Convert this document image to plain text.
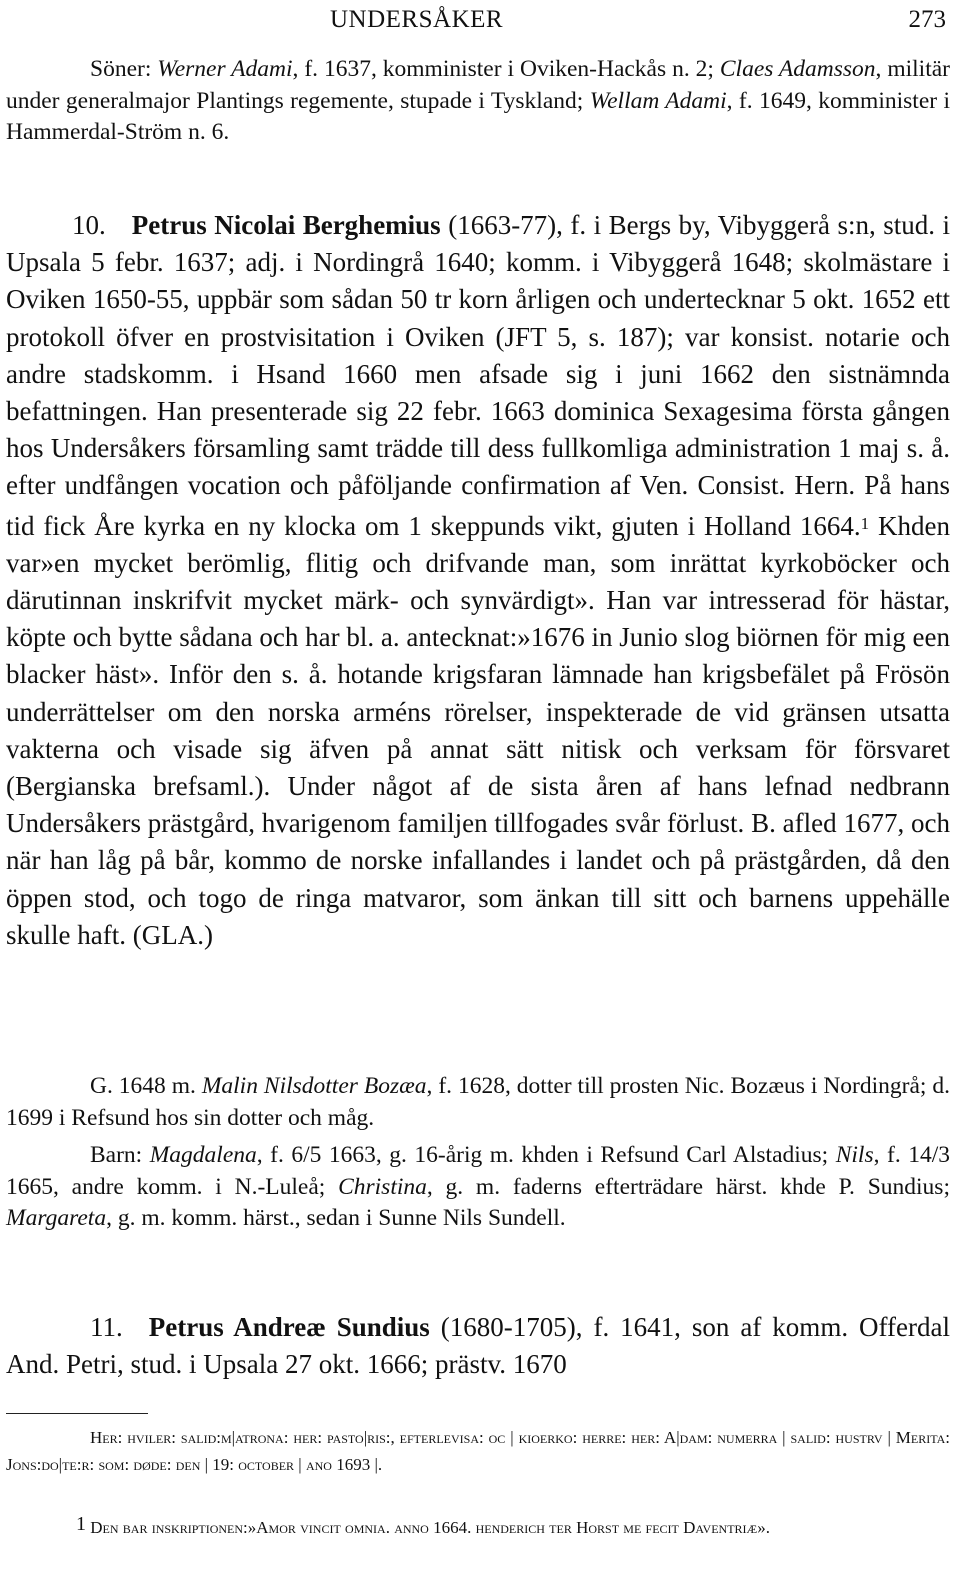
UNDERSÅKER	273

Söner: Werner Adami, f. 1637, komminister i Oviken-Hackås n. 2; Claes Adamsson, militär under generalmajor Plantings regemente, stupade i Tyskland; Wellam Adami, f. 1649, komminister i Hammerdal-Ström n. 6.

10. Petrus Nicolai Berghemius (1663-77), f. i Bergs by, Vibyggerå s:n, stud. i Upsala 5 febr. 1637; adj. i Nordingrå 1640; komm. i Vibyggerå 1648; skolmästare i Oviken 1650-55, uppbär som sådan 50 tr korn årligen och undertecknar 5 okt. 1652 ett protokoll öfver en prostvisitation i Oviken (JFT 5, s. 187); var konsist. notarie och andre stadskomm. i Hsand 1660 men afsade sig i juni 1662 den sistnämnda befattningen. Han presenterade sig 22 febr. 1663 dominica Sexagesima första gången hos Undersåkers församling samt trädde till dess fullkomliga administration 1 maj s. å. efter undfången vocation och påföljande confirmation af Ven. Consist. Hern. På hans tid fick Åre kyrka en ny klocka om 1 skeppunds vikt, gjuten i Holland 1664.$^1$ Khden var»en mycket berömlig, flitig och drifvande man, som inrättat kyrkoböcker och därutinnan inskrifvit mycket märk- och synvärdigt». Han var intresserad för hästar, köpte och bytte sådana och har bl. a. antecknat:»1676 in Junio slog biörnen för mig een blacker häst». Inför den s. å. hotande krigsfaran lämnade han krigsbefälet på Frösön underrättelser om den norska arméns rörelser, inspekterade de vid gränsen utsatta vakterna och visade sig äfven på annat sätt nitisk och verksam för försvaret (Bergianska brefsaml.). Under något af de sista åren af hans lefnad nedbrann Undersåkers prästgård, hvarigenom familjen tillfogades svår förlust. B. afled 1677, och när han låg på bår, kommo de norske infallandes i landet och på prästgården, då den öppen stod, och togo de ringa matvaror, som änkan till sitt och barnens uppehälle skulle haft. (GLA.)

G. 1648 m. Malin Nilsdotter Bozæa, f. 1628, dotter till prosten Nic. Bozæus i Nordingrå; d. 1699 i Refsund hos sin dotter och måg.

Barn: Magdalena, f. 6/5 1663, g. 16-årig m. khden i Refsund Carl Alstadius; Nils, f. 14/3 1665, andre komm. i N.-Luleå; Christina, g. m. faderns efterträdare härst. khde P. Sundius; Margareta, g. m. komm. härst., sedan i Sunne Nils Sundell.

11. Petrus Andreæ Sundius (1680-1705), f. 1641, son af komm. Offerdal And. Petri, stud. i Upsala 27 okt. 1666; prästv. 1670

Her: hviler: salid:m|atrona: her: pasto|ris:, efterlevisa: oc | kioerko: herre: her: A|dam: numerra | salid: hustrv | Merita: Jons:do|te:r: som: døde: den | 19: october | ano 1693 |.

1 Den bar inskriptionen:»Amor vincit omnia. anno 1664. henderich ter Horst me fecit Daventriæ».
